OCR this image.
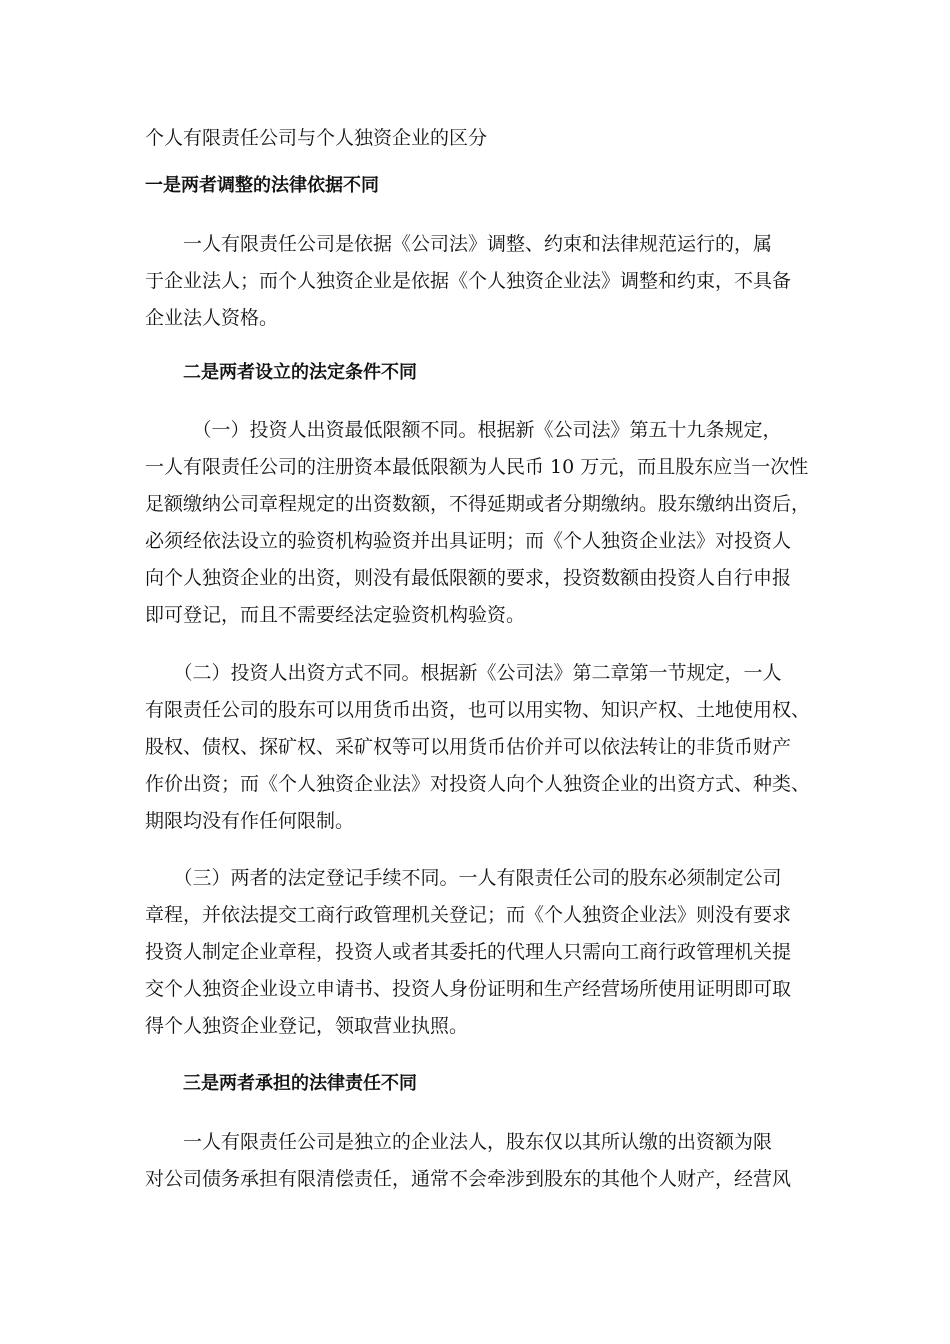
个人有限责任公司与个人独资企业的区分
一是两者调整的法律依据不同
　　一人有限责任公司是依据《公司法》调整、约束和法律规范运行的，属
于企业法人；而个人独资企业是依据《个人独资企业法》调整和约束，不具备
企业法人资格。
二是两者设立的法定条件不同
　　　（一）投资人出资最低限额不同。根据新《公司法》第五十九条规定，
一人有限责任公司的注册资本最低限额为人民币 10 万元，而且股东应当一次性
足额缴纳公司章程规定的出资数额，不得延期或者分期缴纳。股东缴纳出资后，
必须经依法设立的验资机构验资并出具证明；而《个人独资企业法》对投资人
向个人独资企业的出资，则没有最低限额的要求，投资数额由投资人自行申报
即可登记，而且不需要经法定验资机构验资。
　　（二）投资人出资方式不同。根据新《公司法》第二章第一节规定，一人
有限责任公司的股东可以用货币出资，也可以用实物、知识产权、土地使用权、
股权、债权、探矿权、采矿权等可以用货币估价并可以依法转让的非货币财产
作价出资；而《个人独资企业法》对投资人向个人独资企业的出资方式、种类、
期限均没有作任何限制。
　　（三）两者的法定登记手续不同。一人有限责任公司的股东必须制定公司
章程，并依法提交工商行政管理机关登记；而《个人独资企业法》则没有要求
投资人制定企业章程，投资人或者其委托的代理人只需向工商行政管理机关提
交个人独资企业设立申请书、投资人身份证明和生产经营场所使用证明即可取
得个人独资企业登记，领取营业执照。
三是两者承担的法律责任不同
　　一人有限责任公司是独立的企业法人，股东仅以其所认缴的出资额为限
对公司债务承担有限清偿责任，通常不会牵涉到股东的其他个人财产，经营风
